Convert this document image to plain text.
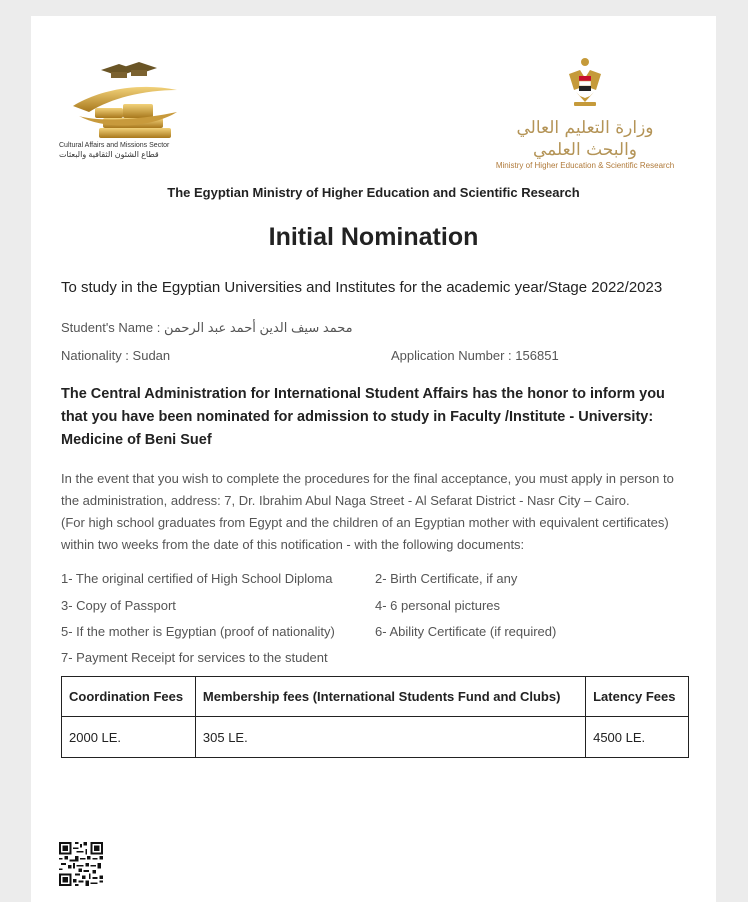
Cultural Affairs and Missions Sector
قطاع الشئون الثقافية والبعثات
وزارة التعليم العالي والبحث العلمي
Ministry of Higher Education & Scientific Research
The Egyptian Ministry of Higher Education and Scientific Research
Initial Nomination
To study in the Egyptian Universities and Institutes for the academic year/Stage 2022/2023
Student's Name : محمد سيف الدين أحمد عبد الرحمن
Nationality : Sudan	Application Number : 156851
The Central Administration for International Student Affairs has the honor to inform you that you have been nominated for admission to study in Faculty /Institute - University: Medicine of Beni Suef
In the event that you wish to complete the procedures for the final acceptance, you must apply in person to
the administration, address: 7, Dr. Ibrahim Abul Naga Street - Al Sefarat District - Nasr City – Cairo.
(For high school graduates from Egypt and the children of an Egyptian mother with equivalent certificates)
within two weeks from the date of this notification - with the following documents:
1- The original certified of High School Diploma	2- Birth Certificate, if any
3- Copy of Passport	4- 6 personal pictures
5- If the mother is Egyptian (proof of nationality)	6- Ability Certificate (if required)
7- Payment Receipt for services to the student
Coordination Fees	Membership fees (International Students Fund and Clubs)	Latency Fees
2000 LE.	305 LE.	4500 LE.
